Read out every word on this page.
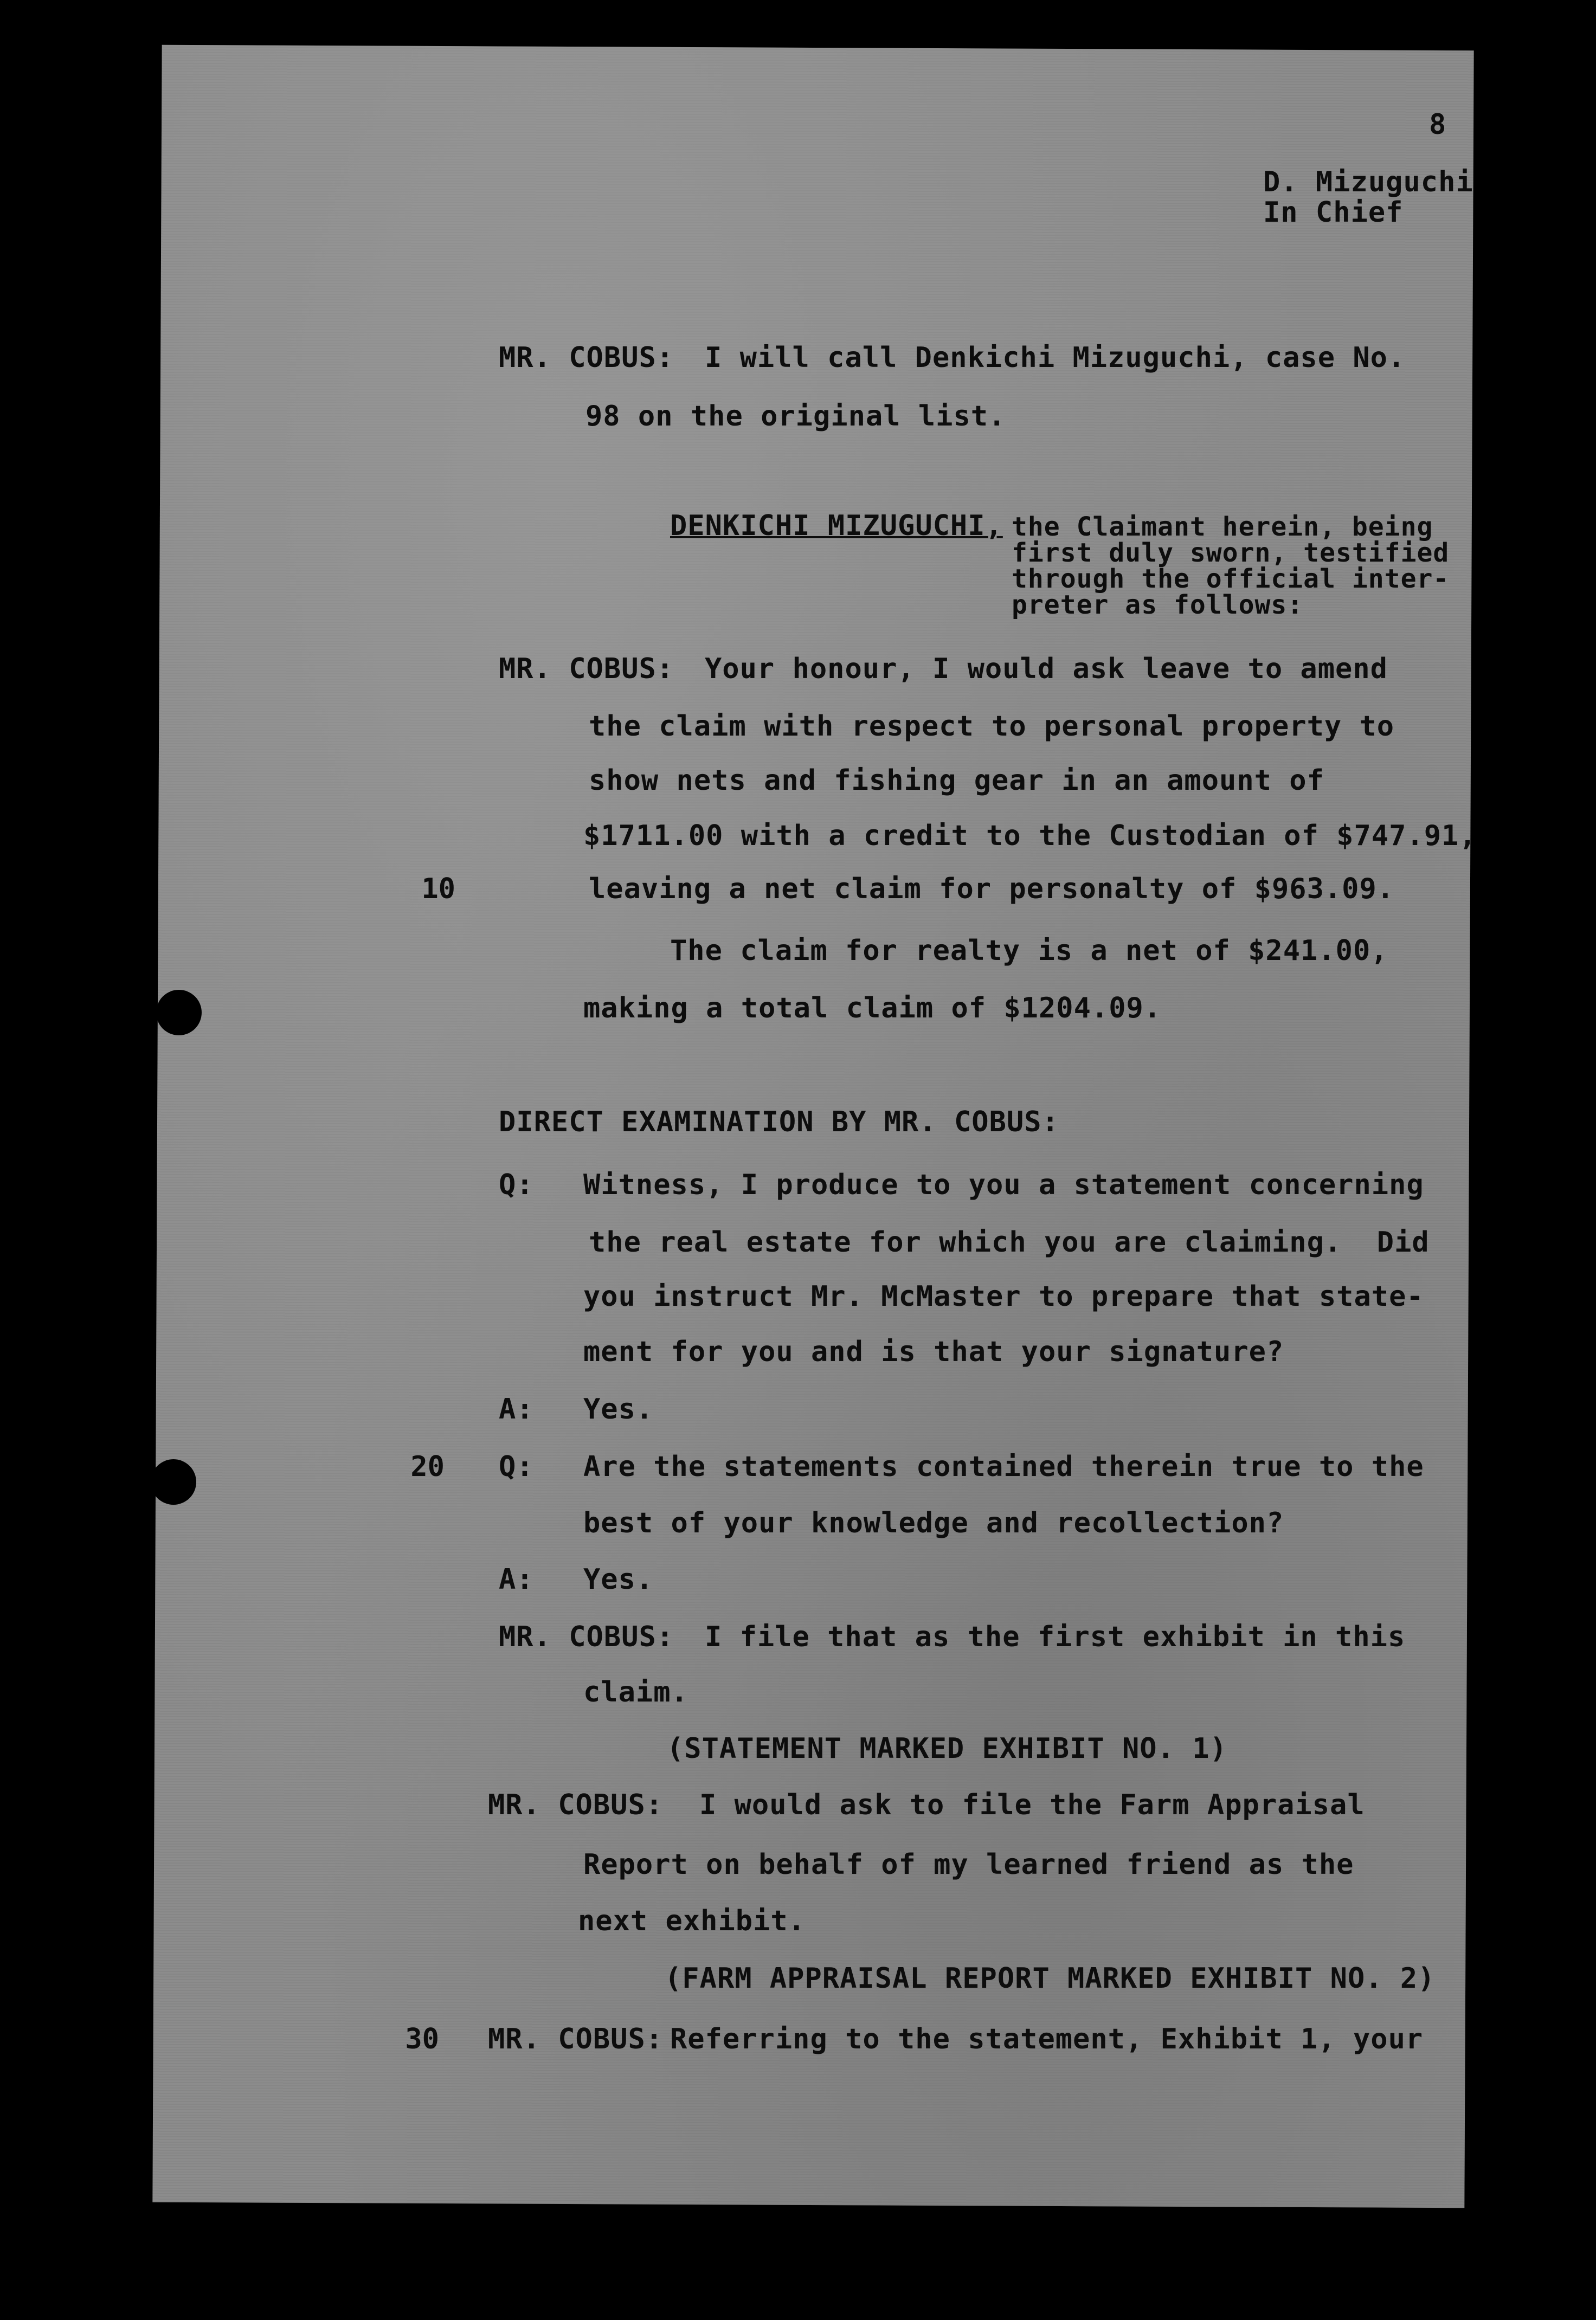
8
D. Mizuguchi
In Chief
MR. COBUS: I will call Denkichi Mizuguchi, case No.
98 on the original list.
DENKICHI MIZUGUCHI, the Claimant herein, being
first duly sworn, testified
through the official inter-
preter as follows:
MR. COBUS: Your honour, I would ask leave to amend
the claim with respect to personal property to
show nets and fishing gear in an amount of
$1711.00 with a credit to the Custodian of $747.91,
10	leaving a net claim for personalty of $963.09.
The claim for realty is a net of $241.00,
making a total claim of $1204.09.
DIRECT EXAMINATION BY MR. COBUS:
Q: Witness, I produce to you a statement concerning
the real estate for which you are claiming.  Did
you instruct Mr. McMaster to prepare that state-
ment for you and is that your signature?
A: Yes.
20 Q: Are the statements contained therein true to the
best of your knowledge and recollection?
A: Yes.
MR. COBUS: I file that as the first exhibit in this
claim.
(STATEMENT MARKED EXHIBIT NO. 1)
MR. COBUS: I would ask to file the Farm Appraisal
Report on behalf of my learned friend as the
next exhibit.
(FARM APPRAISAL REPORT MARKED EXHIBIT NO. 2)
30 MR. COBUS: Referring to the statement, Exhibit 1, your
